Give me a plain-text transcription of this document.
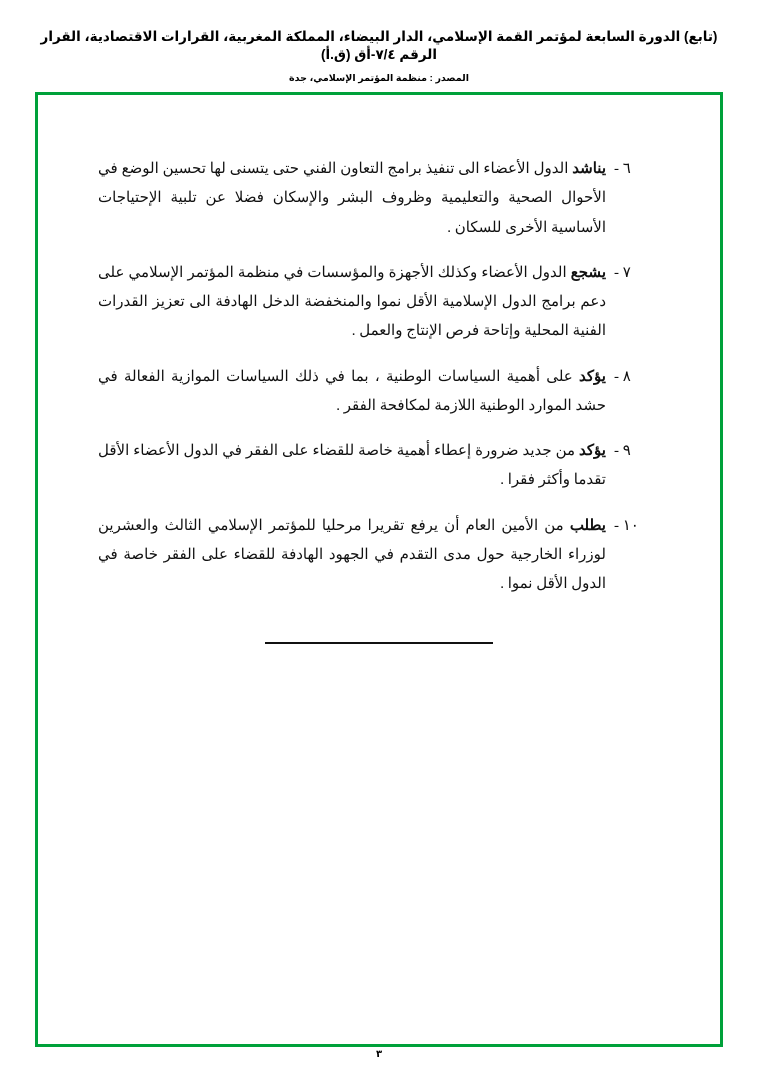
(تابع) الدورة السابعة لمؤتمر القمة الإسلامي، الدار البيضاء، المملكة المغربية، القرارات الاقتصادية، القرار الرقم ٧/٤-أق (ق.أ)
المصدر : منظمة المؤتمر الإسلامي، جدة
٦ -
يناشد الدول الأعضاء الى تنفيذ برامج التعاون الفني حتى يتسنى لها تحسين الوضع في الأحوال الصحية والتعليمية وظروف البشر والإسكان فضلا عن تلبية الإحتياجات الأساسية الأخرى للسكان .
٧ -
يشجع الدول الأعضاء وكذلك الأجهزة والمؤسسات في منظمة المؤتمر الإسلامي على دعم برامج الدول الإسلامية الأقل نموا والمنخفضة الدخل الهادفة الى تعزيز القدرات الفنية المحلية وإتاحة فرص الإنتاج والعمل .
٨ -
يؤكد على أهمية السياسات الوطنية ، بما في ذلك السياسات الموازية الفعالة في حشد الموارد الوطنية اللازمة لمكافحة الفقر .
٩ -
يؤكد من جديد ضرورة إعطاء أهمية خاصة للقضاء على الفقر في الدول الأعضاء الأقل تقدما وأكثر فقرا .
١٠ -
يطلب من الأمين العام أن يرفع تقريرا مرحليا للمؤتمر الإسلامي الثالث والعشرين لوزراء الخارجية حول مدى التقدم في الجهود الهادفة للقضاء على الفقر خاصة في الدول الأقل نموا .
٣
